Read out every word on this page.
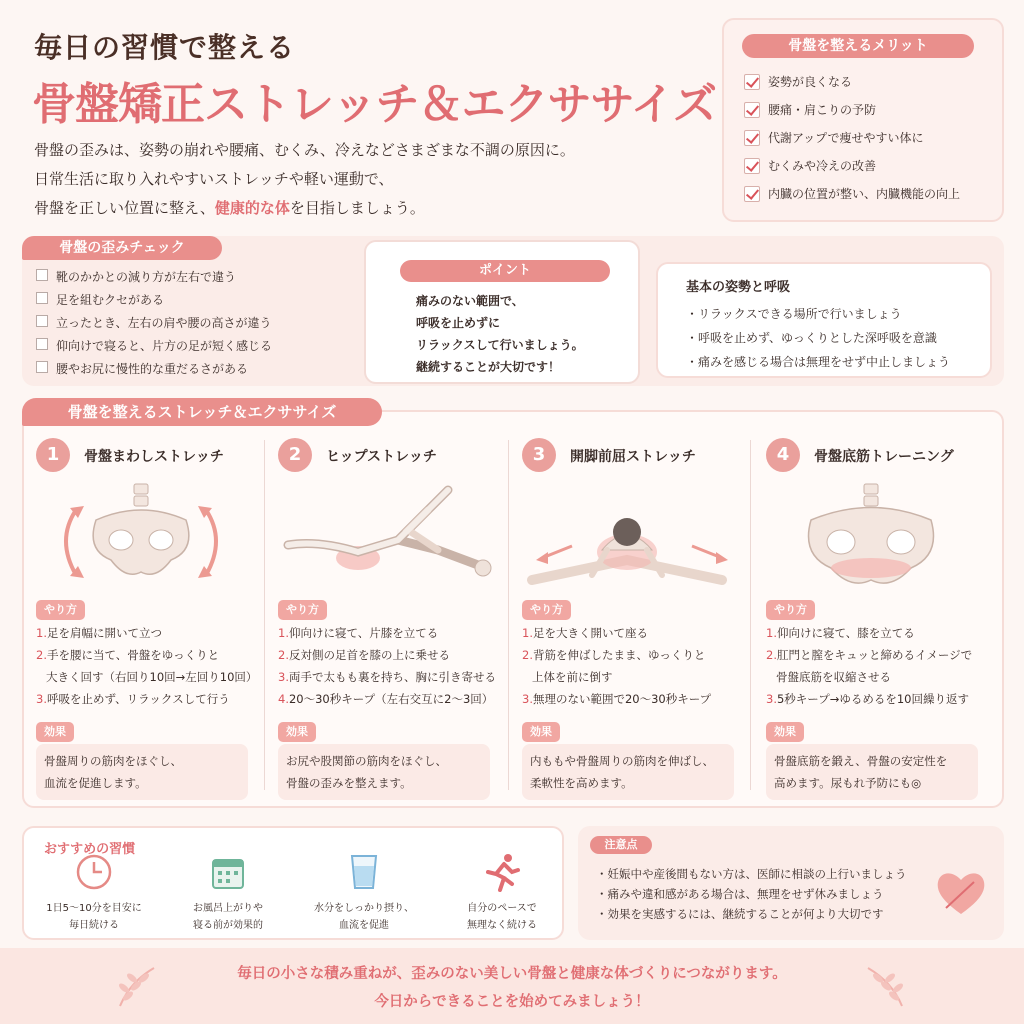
毎日の習慣で整える
骨盤矯正ストレッチ＆エクササイズ
骨盤の歪みは、姿勢の崩れや腰痛、むくみ、冷えなどさまざまな不調の原因に。
日常生活に取り入れやすいストレッチや軽い運動で、
骨盤を正しい位置に整え、健康的な体を目指しましょう。
骨盤を整えるメリット
姿勢が良くなる
腰痛・肩こりの予防
代謝アップで痩せやすい体に
むくみや冷えの改善
内臓の位置が整い、内臓機能の向上
骨盤の歪みチェック
靴のかかとの減り方が左右で違う
足を組むクセがある
立ったとき、左右の肩や腰の高さが違う
仰向けで寝ると、片方の足が短く感じる
腰やお尻に慢性的な重だるさがある
ポイント
痛みのない範囲で、
呼吸を止めずに
リラックスして行いましょう。
継続することが大切です！
基本の姿勢と呼吸
・リラックスできる場所で行いましょう
・呼吸を止めず、ゆっくりとした深呼吸を意識
・痛みを感じる場合は無理をせず中止しましょう
骨盤を整えるストレッチ＆エクササイズ
1	骨盤まわしストレッチ
やり方
1.足を肩幅に開いて立つ
2.手を腰に当て、骨盤をゆっくりと
大きく回す（右回り10回→左回り10回）
3.呼吸を止めず、リラックスして行う
効果
骨盤周りの筋肉をほぐし、
血流を促進します。
2	ヒップストレッチ
やり方
1.仰向けに寝て、片膝を立てる
2.反対側の足首を膝の上に乗せる
3.両手で太もも裏を持ち、胸に引き寄せる
4.20〜30秒キープ（左右交互に2〜3回）
効果
お尻や股関節の筋肉をほぐし、
骨盤の歪みを整えます。
3	開脚前屈ストレッチ
やり方
1.足を大きく開いて座る
2.背筋を伸ばしたまま、ゆっくりと
上体を前に倒す
3.無理のない範囲で20〜30秒キープ
効果
内ももや骨盤周りの筋肉を伸ばし、
柔軟性を高めます。
4	骨盤底筋トレーニング
やり方
1.仰向けに寝て、膝を立てる
2.肛門と膣をキュッと締めるイメージで
骨盤底筋を収縮させる
3.5秒キープ→ゆるめるを10回繰り返す
効果
骨盤底筋を鍛え、骨盤の安定性を
高めます。尿もれ予防にも◎
おすすめの習慣
1日5〜10分を目安に
毎日続ける
お風呂上がりや
寝る前が効果的
水分をしっかり摂り、
血流を促進
自分のペースで
無理なく続ける
注意点
・妊娠中や産後間もない方は、医師に相談の上行いましょう
・痛みや違和感がある場合は、無理をせず休みましょう
・効果を実感するには、継続することが何より大切です
毎日の小さな積み重ねが、歪みのない美しい骨盤と健康な体づくりにつながります。
今日からできることを始めてみましょう！
